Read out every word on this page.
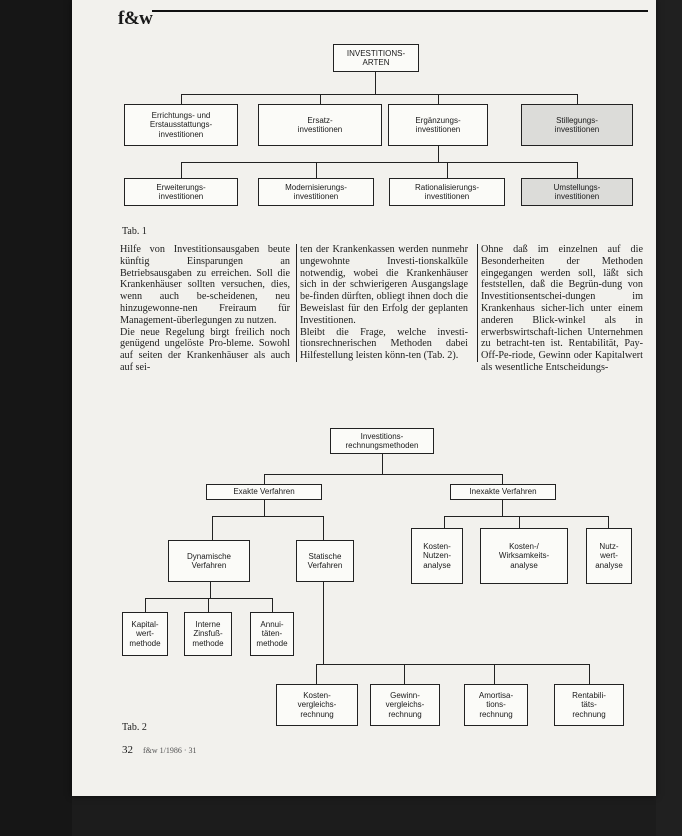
f&w
INVESTITIONS-
ARTEN
Errichtungs- und
Erstausstattungs-
investitionen
Ersatz-
investitionen
Ergänzungs-
investitionen
Stillegungs-
investitionen
Erweiterungs-
investitionen
Modernisierungs-
investitionen
Rationalisierungs-
investitionen
Umstellungs-
investitionen
Tab. 1
Hilfe von Investitionsausgaben beute künftig Einsparungen an Betriebsausgaben zu erreichen. Soll die Krankenhäuser sollten versuchen, dies, wenn auch be-scheidenen, neu hinzugewonne-nen Freiraum für Management-überlegungen zu nutzen.
Die neue Regelung birgt freilich noch genügend ungelöste Pro-bleme. Sowohl auf seiten der Krankenhäuser als auch auf sei-
ten der Krankenkassen werden nunmehr ungewohnte Investi-tionskalküle notwendig, wobei die Krankenhäuser sich in der schwierigeren Ausgangslage be-finden dürften, obliegt ihnen doch die Beweislast für den Erfolg der geplanten Investitionen.
Bleibt die Frage, welche investi-tionsrechnerischen Methoden dabei Hilfestellung leisten könn-ten (Tab. 2).
Ohne daß im einzelnen auf die Besonderheiten der Methoden eingegangen werden soll, läßt sich feststellen, daß die Begrün-dung von Investitionsentschei-dungen im Krankenhaus sicher-lich unter einem anderen Blick-winkel als in erwerbswirtschaft-lichen Unternehmen zu betracht-ten ist. Rentabilität, Pay-Off-Pe-riode, Gewinn oder Kapitalwert als wesentliche Entscheidungs-
Investitions-
rechnungsmethoden
Exakte Verfahren	Inexakte Verfahren
Kosten-
Nutzen-
analyse
Kosten-/
Wirksamkeits-
analyse
Nutz-
wert-
analyse
Dynamische
Verfahren
Statische
Verfahren
Kapital-
wert-
methode
Interne
Zinsfuß-
methode
Annui-
täten-
methode
Kosten-
vergleichs-
rechnung
Gewinn-
vergleichs-
rechnung
Amortisa-
tions-
rechnung
Rentabili-
täts-
rechnung
Tab. 2
32 f&w 1/1986 · 31
